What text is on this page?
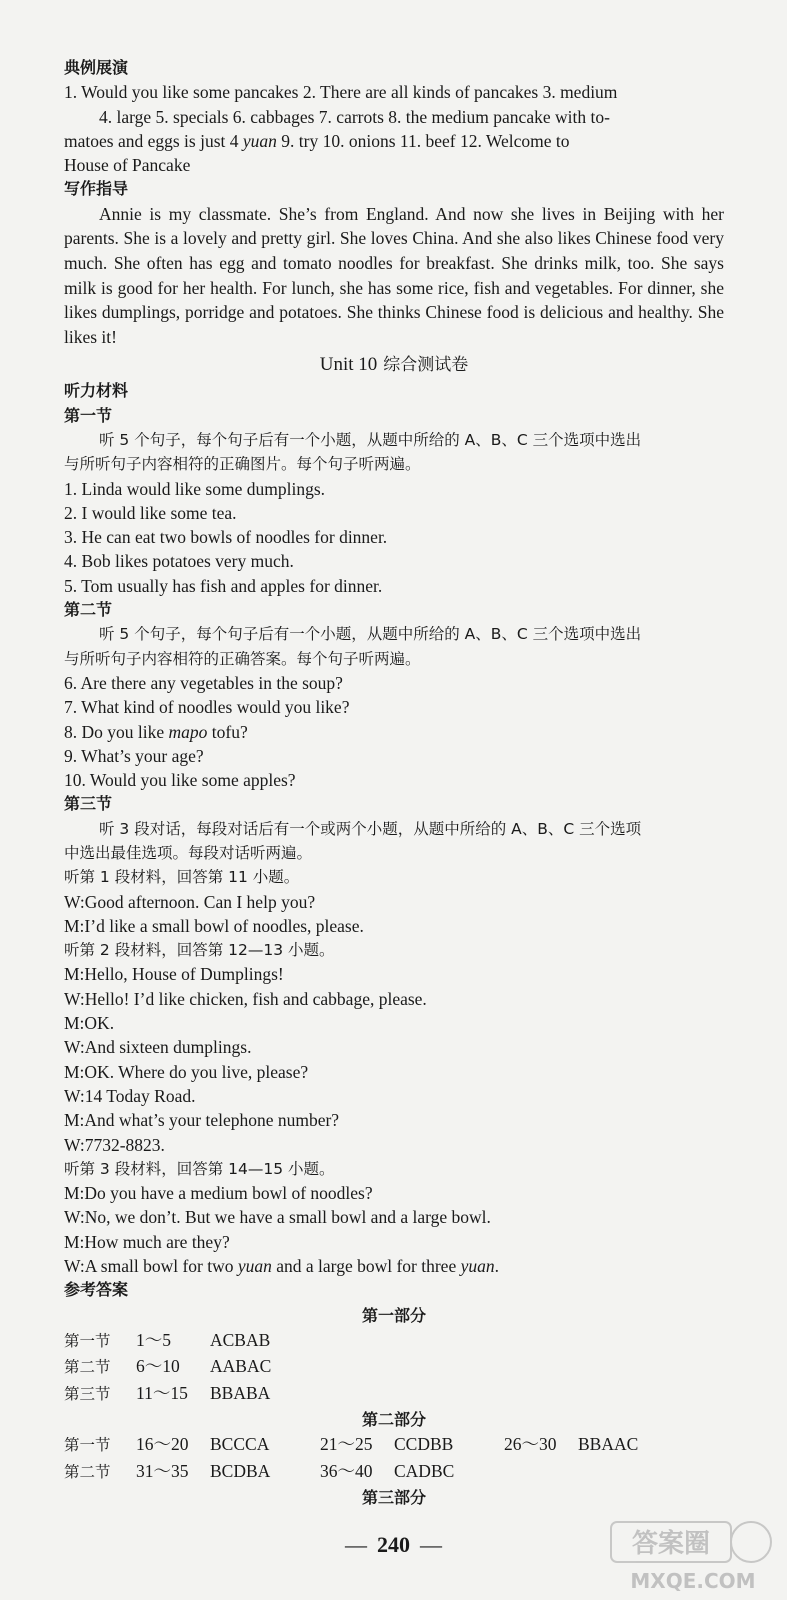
典例展演
1. Would you like some pancakes 2. There are all kinds of pancakes 3. medium
4. large 5. specials 6. cabbages 7. carrots 8. the medium pancake with to-
matoes and eggs is just 4 yuan 9. try 10. onions 11. beef 12. Welcome to
House of Pancake
写作指导
Annie is my classmate. She’s from England. And now she lives in Beijing with her parents. She is a lovely and pretty girl. She loves China. And she also likes Chinese food very much. She often has egg and tomato noodles for breakfast. She drinks milk, too. She says milk is good for her health. For lunch, she has some rice, fish and vegetables. For dinner, she likes dumplings, porridge and potatoes. She thinks Chinese food is delicious and healthy. She likes it!
Unit 10 综合测试卷
听力材料
第一节
听 5 个句子，每个句子后有一个小题，从题中所给的 A、B、C 三个选项中选出
与所听句子内容相符的正确图片。每个句子听两遍。
1. Linda would like some dumplings.
2. I would like some tea.
3. He can eat two bowls of noodles for dinner.
4. Bob likes potatoes very much.
5. Tom usually has fish and apples for dinner.
第二节
听 5 个句子，每个句子后有一个小题，从题中所给的 A、B、C 三个选项中选出
与所听句子内容相符的正确答案。每个句子听两遍。
6. Are there any vegetables in the soup?
7. What kind of noodles would you like?
8. Do you like mapo tofu?
9. What’s your age?
10. Would you like some apples?
第三节
听 3 段对话，每段对话后有一个或两个小题，从题中所给的 A、B、C 三个选项
中选出最佳选项。每段对话听两遍。
听第 1 段材料，回答第 11 小题。
W:Good afternoon. Can I help you?
M:I’d like a small bowl of noodles, please.
听第 2 段材料，回答第 12—13 小题。
M:Hello, House of Dumplings!
W:Hello! I’d like chicken, fish and cabbage, please.
M:OK.
W:And sixteen dumplings.
M:OK. Where do you live, please?
W:14 Today Road.
M:And what’s your telephone number?
W:7732-8823.
听第 3 段材料，回答第 14—15 小题。
M:Do you have a medium bowl of noodles?
W:No, we don’t. But we have a small bowl and a large bowl.
M:How much are they?
W:A small bowl for two yuan and a large bowl for three yuan.
参考答案
第一部分
第一节 1～5 ACBAB
第二节 6～10 AABAC
第三节 11～15 BBABA
第二部分
第一节 16～20 BCCCA	21～25 CCDBB	26～30 BBAAC
第二节 31～35 BCDBA	36～40 CADBC
第三部分
— 240 —	答案圈
MXQE.COM
